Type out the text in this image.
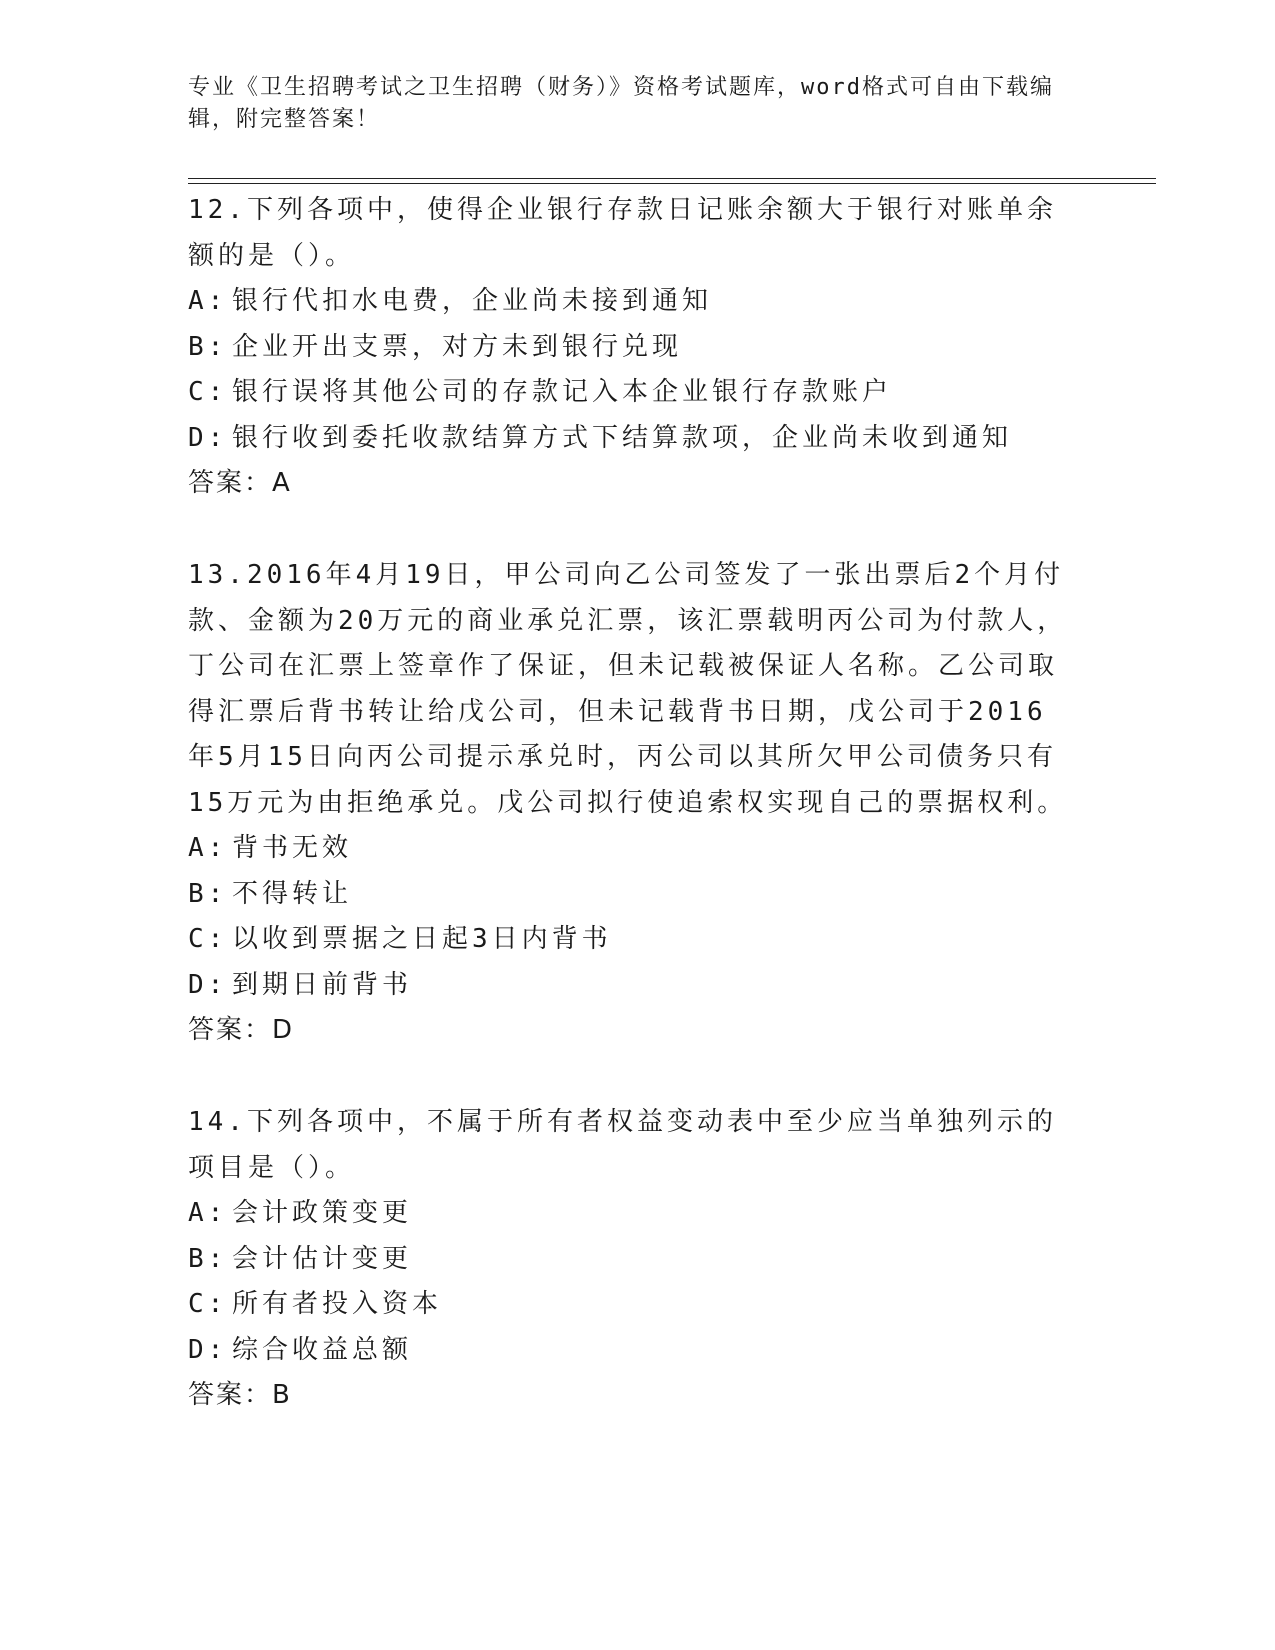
专业《卫生招聘考试之卫生招聘（财务）》资格考试题库，word格式可自由下载编辑，附完整答案！

12.下列各项中，使得企业银行存款日记账余额大于银行对账单余额的是（）。

A: 银行代扣水电费，企业尚未接到通知

B: 企业开出支票，对方未到银行兑现

C: 银行误将其他公司的存款记入本企业银行存款账户

D: 银行收到委托收款结算方式下结算款项，企业尚未收到通知

答案：A

13.2016年4月19日，甲公司向乙公司签发了一张出票后2个月付款、金额为20万元的商业承兑汇票，该汇票载明丙公司为付款人，丁公司在汇票上签章作了保证，但未记载被保证人名称。乙公司取得汇票后背书转让给戊公司，但未记载背书日期，戊公司于2016年5月15日向丙公司提示承兑时，丙公司以其所欠甲公司债务只有15万元为由拒绝承兑。戊公司拟行使追索权实现自己的票据权利。

A: 背书无效

B: 不得转让

C: 以收到票据之日起3日内背书

D: 到期日前背书

答案：D

14.下列各项中，不属于所有者权益变动表中至少应当单独列示的项目是（）。

A: 会计政策变更

B: 会计估计变更

C: 所有者投入资本

D: 综合收益总额

答案：B
